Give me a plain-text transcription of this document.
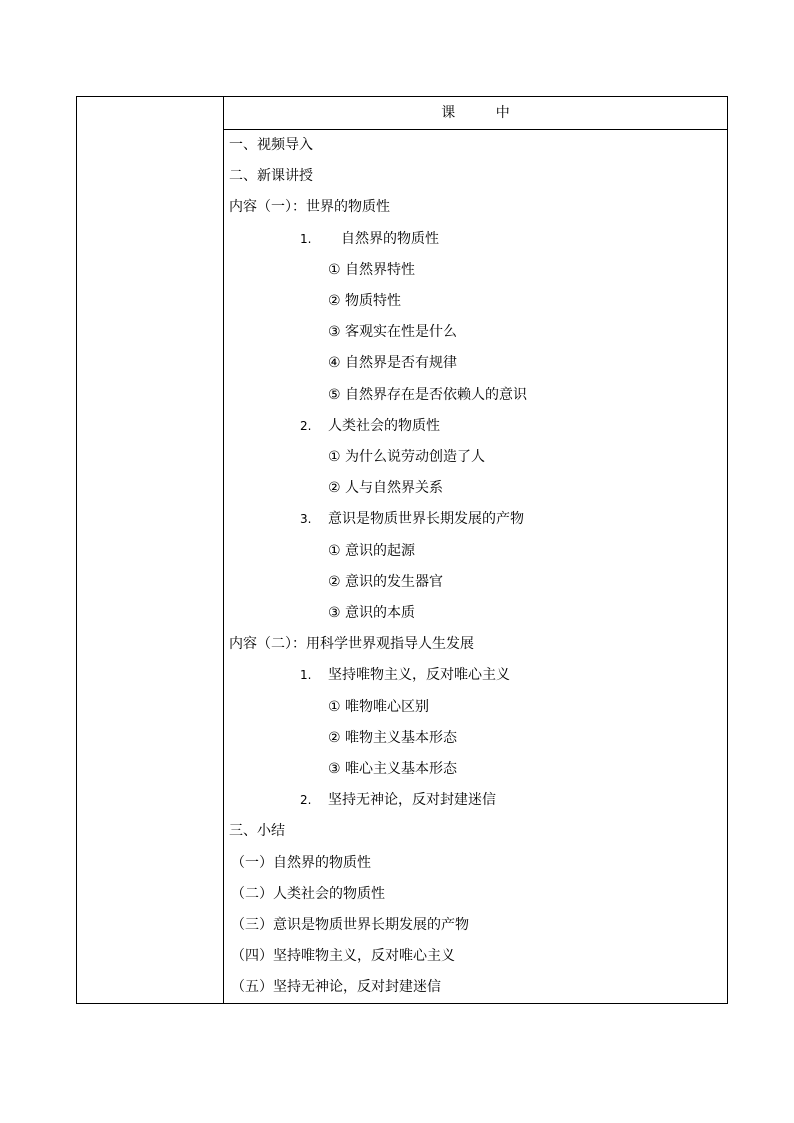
课 中
一、视频导入
二、新课讲授
内容（一）：世界的物质性
1. 自然界的物质性
① 自然界特性
② 物质特性
③ 客观实在性是什么
④ 自然界是否有规律
⑤ 自然界存在是否依赖人的意识
2. 人类社会的物质性
① 为什么说劳动创造了人
② 人与自然界关系
3. 意识是物质世界长期发展的产物
① 意识的起源
② 意识的发生器官
③ 意识的本质
内容（二）：用科学世界观指导人生发展
1. 坚持唯物主义，反对唯心主义
① 唯物唯心区别
② 唯物主义基本形态
③ 唯心主义基本形态
2. 坚持无神论，反对封建迷信
三、小结
（一）自然界的物质性
（二）人类社会的物质性
（三）意识是物质世界长期发展的产物
（四）坚持唯物主义，反对唯心主义
（五）坚持无神论，反对封建迷信
